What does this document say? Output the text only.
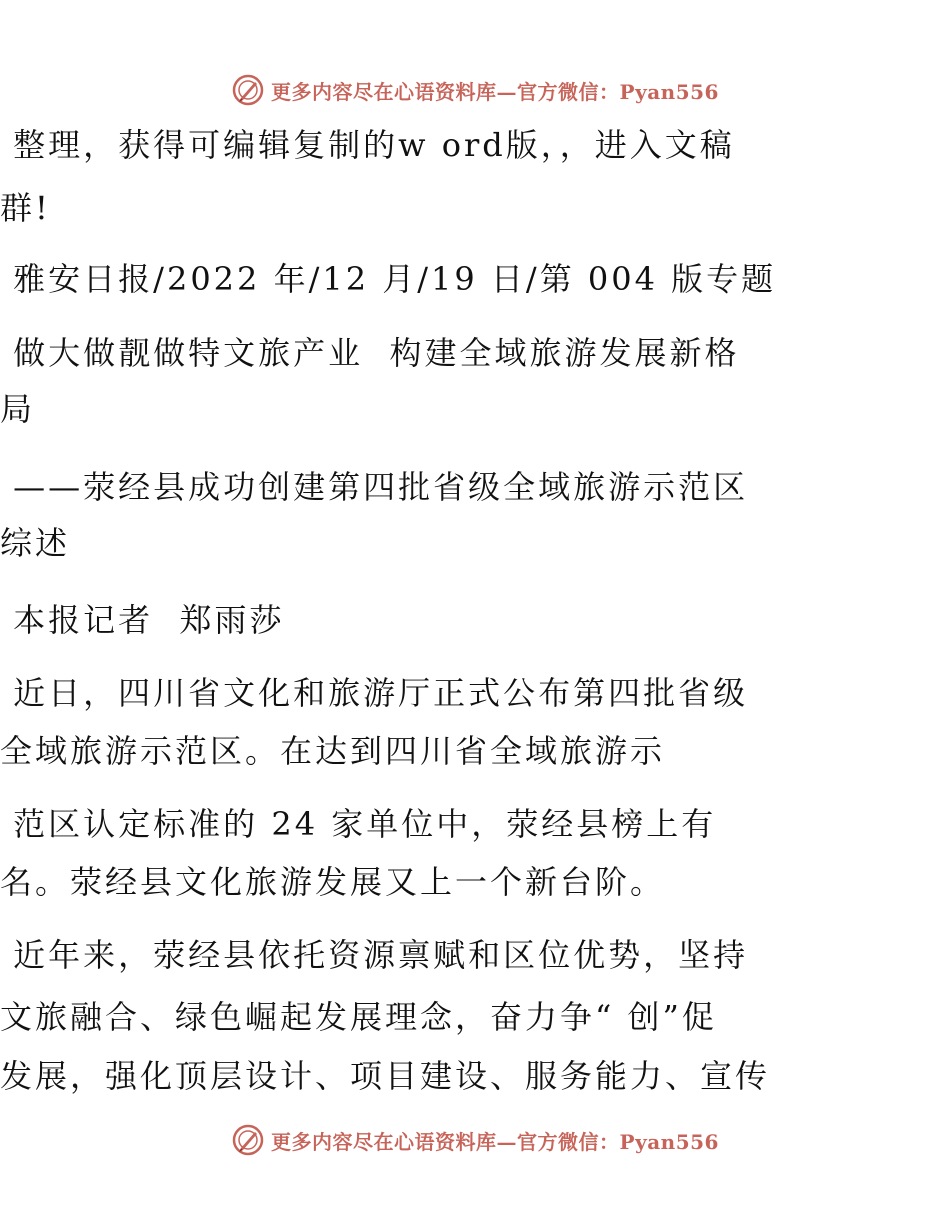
更多内容尽在心语资料库—官方微信：Pyan556
整理，获得可编辑复制的w ord版，，进入文稿
群!
雅安日报/2022 年/12 月/19 日/第 004 版专题
做大做靓做特文旅产业  构建全域旅游发展新格
局
——荥经县成功创建第四批省级全域旅游示范区
综述
本报记者  郑雨莎
近日，四川省文化和旅游厅正式公布第四批省级
全域旅游示范区。在达到四川省全域旅游示
范区认定标准的 24 家单位中，荥经县榜上有
名。荥经县文化旅游发展又上一个新台阶。
近年来，荥经县依托资源禀赋和区位优势，坚持
文旅融合、绿色崛起发展理念，奋力争“ 创”促
发展，强化顶层设计、项目建设、服务能力、宣传
更多内容尽在心语资料库—官方微信：Pyan556
